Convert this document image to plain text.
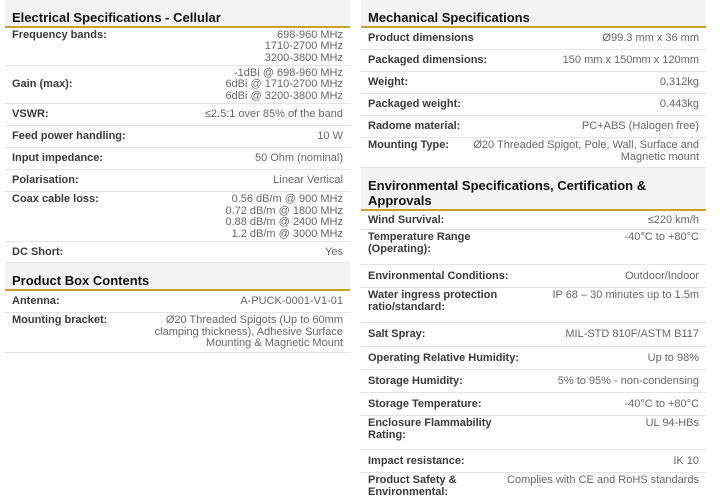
Electrical Specifications - Cellular
Frequency bands:	698-960 MHz
1710-2700 MHz
3200-3800 MHz
Gain (max):
-1dBi @ 698-960 MHz
6dBi @ 1710-2700 MHz
6dBi @ 3200-3800 MHz
VSWR:	≤2.5:1 over 85% of the band
Feed power handling:	10 W
Input impedance:	50 Ohm (nominal)
Polarisation:	Linear Vertical
Coax cable loss:	0.56 dB/m @ 900 MHz
0.72 dB/m @ 1800 MHz
0.88 dB/m @ 2400 MHz
1.2 dB/m @ 3000 MHz
DC Short:	Yes
Product Box Contents
Antenna:	A-PUCK-0001-V1-01
Mounting bracket:	Ø20 Threaded Spigots (Up to 60mm
clamping thickness), Adhesive Surface
Mounting & Magnetic Mount
Mechanical Specifications
Product dimensions	Ø99.3 mm x 36 mm
Packaged dimensions:	150 mm x 150mm x 120mm
Weight:	0.312kg
Packaged weight:	0.443kg
Radome material:	PC+ABS (Halogen free)
Mounting Type:	Ø20 Threaded Spigot, Pole, Wall, Surface and
Magnetic mount
Environmental Specifications, Certification & Approvals
Wind Survival:	≤220 km/h
Temperature Range
(Operating):
-40°C to +80°C
Environmental Conditions:	Outdoor/Indoor
Water ingress protection
ratio/standard:
IP 68 – 30 minutes up to 1.5m
Salt Spray:	MIL-STD 810F/ASTM B117
Operating Relative Humidity:	Up to 98%
Storage Humidity:	5% to 95% - non-condensing
Storage Temperature:	-40°C to +80°C
Enclosure Flammability
Rating:
UL 94-HBs
Impact resistance:	IK 10
Product Safety &
Environmental:
Complies with CE and RoHS standards
